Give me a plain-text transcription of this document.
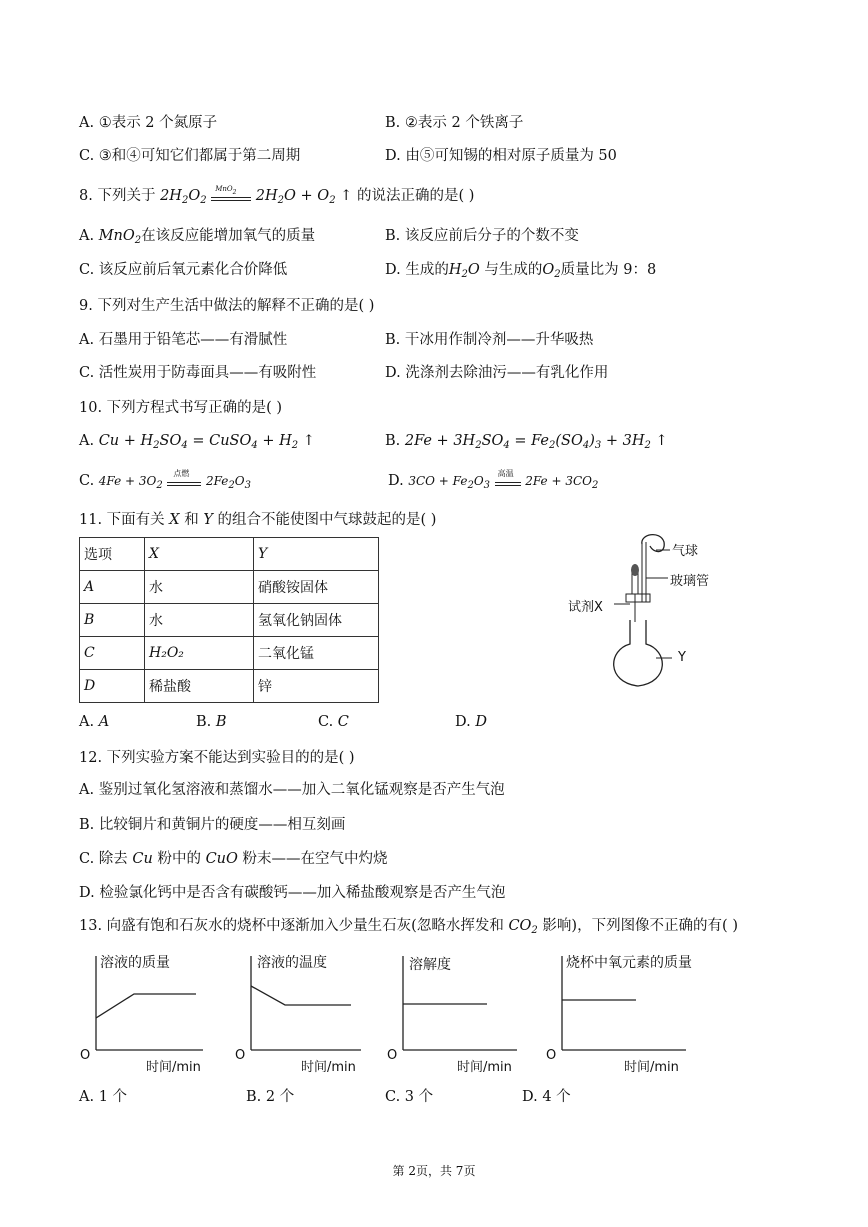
A. ①表示 2 个氮原子	B. ②表示 2 个铁离子
C. ③和④可知它们都属于第二周期	D. 由⑤可知锡的相对原子质量为 50
8. 下列关于 $2H_2O_2$
MnO$_2$ $2H_2O + O_2$ ↑ 的说法正确的是( )
A. MnO$_2$在该反应能增加氧气的质量	B. 该反应前后分子的个数不变
C. 该反应前后氧元素化合价降低	D. 生成的$H_2O$ 与生成的$O_2$质量比为 9：8
9. 下列对生产生活中做法的解释不正确的是( )
A. 石墨用于铅笔芯——有滑腻性	B. 干冰用作制冷剂——升华吸热
C. 活性炭用于防毒面具——有吸附性	D. 洗涤剂去除油污——有乳化作用
10. 下列方程式书写正确的是( )
A. $Cu + H_2SO_4$ = CuSO$_4$ + $H_2$ ↑	B. $2Fe + 3H_2SO_4 = Fe_2(SO_4)_3 + 3H_2$ ↑
C. $4Fe + 3O_2$
点燃
$2Fe_2O_3$	D. $3CO + Fe_2O_3$
高温
$2Fe + 3CO_2$
11. 下面有关 X 和 Y 的组合不能使图中气球鼓起的是( )
选项	X	Y
A	水	硝酸铵固体
B	水	氢氧化钠固体
C	H₂O₂	二氧化锰
D	稀盐酸	锌
气球
玻璃管
试剂X
Y
A. A	B. B	C. C	D. D
12. 下列实验方案不能达到实验目的的是( )
A. 鉴别过氧化氢溶液和蒸馏水——加入二氧化锰观察是否产生气泡
B. 比较铜片和黄铜片的硬度——相互刻画
C. 除去 Cu 粉中的 CuO 粉末——在空气中灼烧
D. 检验氯化钙中是否含有碳酸钙——加入稀盐酸观察是否产生气泡
13. 向盛有饱和石灰水的烧杯中逐渐加入少量生石灰(忽略水挥发和 $CO_2$ 影响)，下列图像不正确的有( )
溶液的质量
O
时间/min
溶液的温度
O
时间/min
溶解度
O
时间/min
烧杯中氧元素的质量
O
时间/min
A. 1 个	B. 2 个	C. 3 个	D. 4 个
第 2页，共 7页
